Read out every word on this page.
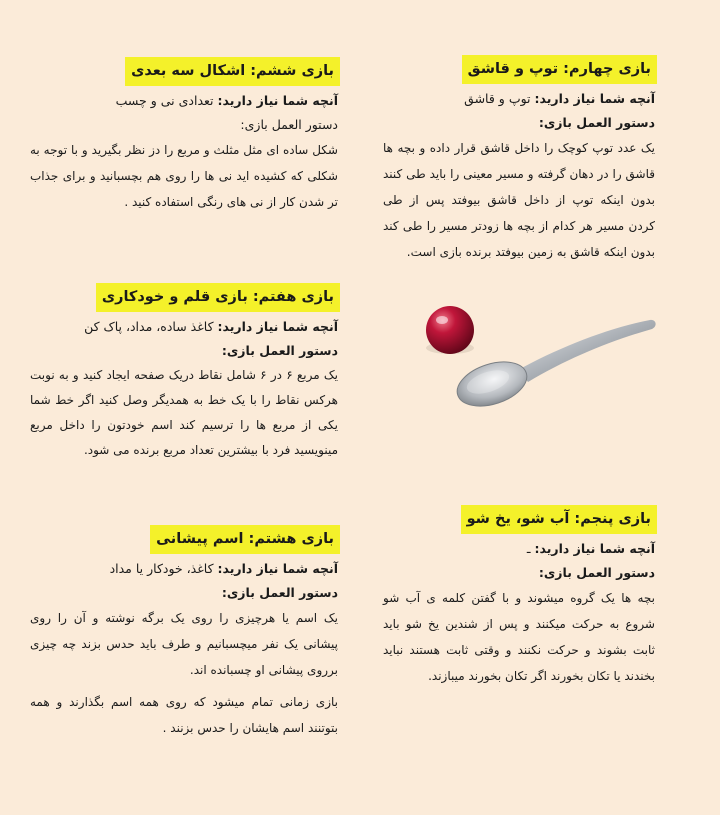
بازی چهارم: توپ و قاشق
آنچه شما نیاز دارید: توپ و قاشق
دستور العمل بازی:
یک عدد توپ کوچک را داخل قاشق قرار داده و بچه ها قاشق را در دهان گرفته و مسیر معینی را باید طی کنند بدون اینکه توپ از داخل قاشق بیوفتد پس از طی کردن مسیر هر کدام از بچه ها زودتر مسیر را طی کند بدون اینکه قاشق به زمین بیوفتد برنده بازی است.
بازی پنجم: آب شو، یخ شو
آنچه شما نیاز دارید: ـ
دستور العمل بازی:
بچه ها یک گروه میشوند و با گفتن کلمه ی آب شو شروع به حرکت میکنند و پس از شندین یخ شو باید ثابت بشوند و حرکت نکنند و وقتی ثابت هستند نباید بخندند یا تکان بخورند اگر تکان بخورند میبازند.
بازی ششم: اشکال سه بعدی
آنچه شما نیاز دارید: تعدادی نی و چسب
دستور العمل بازی:
شکل ساده ای مثل مثلث و مربع را دز نظر بگیرید و با توجه به شکلی که کشیده اید نی ها را روی هم بچسبانید و برای جذاب تر شدن کار از نی های رنگی استفاده کنید .
بازی هفتم: بازی قلم و خودکاری
آنچه شما نیاز دارید: کاغذ ساده، مداد، پاک کن
دستور العمل بازی:
یک مربع ۶ در ۶ شامل نقاط دریک صفحه ایجاد کنید و به نوبت هرکس نقاط را با یک خط به همدیگر وصل کنید اگر خط شما یکی از مربع ها را ترسیم کند اسم خودتون را داخل مربع مینویسید فرد با بیشترین تعداد مربع برنده می شود.
بازی هشتم: اسم پیشانی
آنچه شما نیاز دارید: کاغذ، خودکار یا مداد
دستور العمل بازی:
یک اسم یا هرچیزی را روی یک برگه نوشته و آن را روی پیشانی یک نفر میچسبانیم و طرف باید حدس بزند چه چیزی برروی پیشانی او چسبانده اند.
بازی زمانی تمام میشود که روی همه اسم بگذارند و همه بتوتنند اسم هایشان را حدس بزنند .
